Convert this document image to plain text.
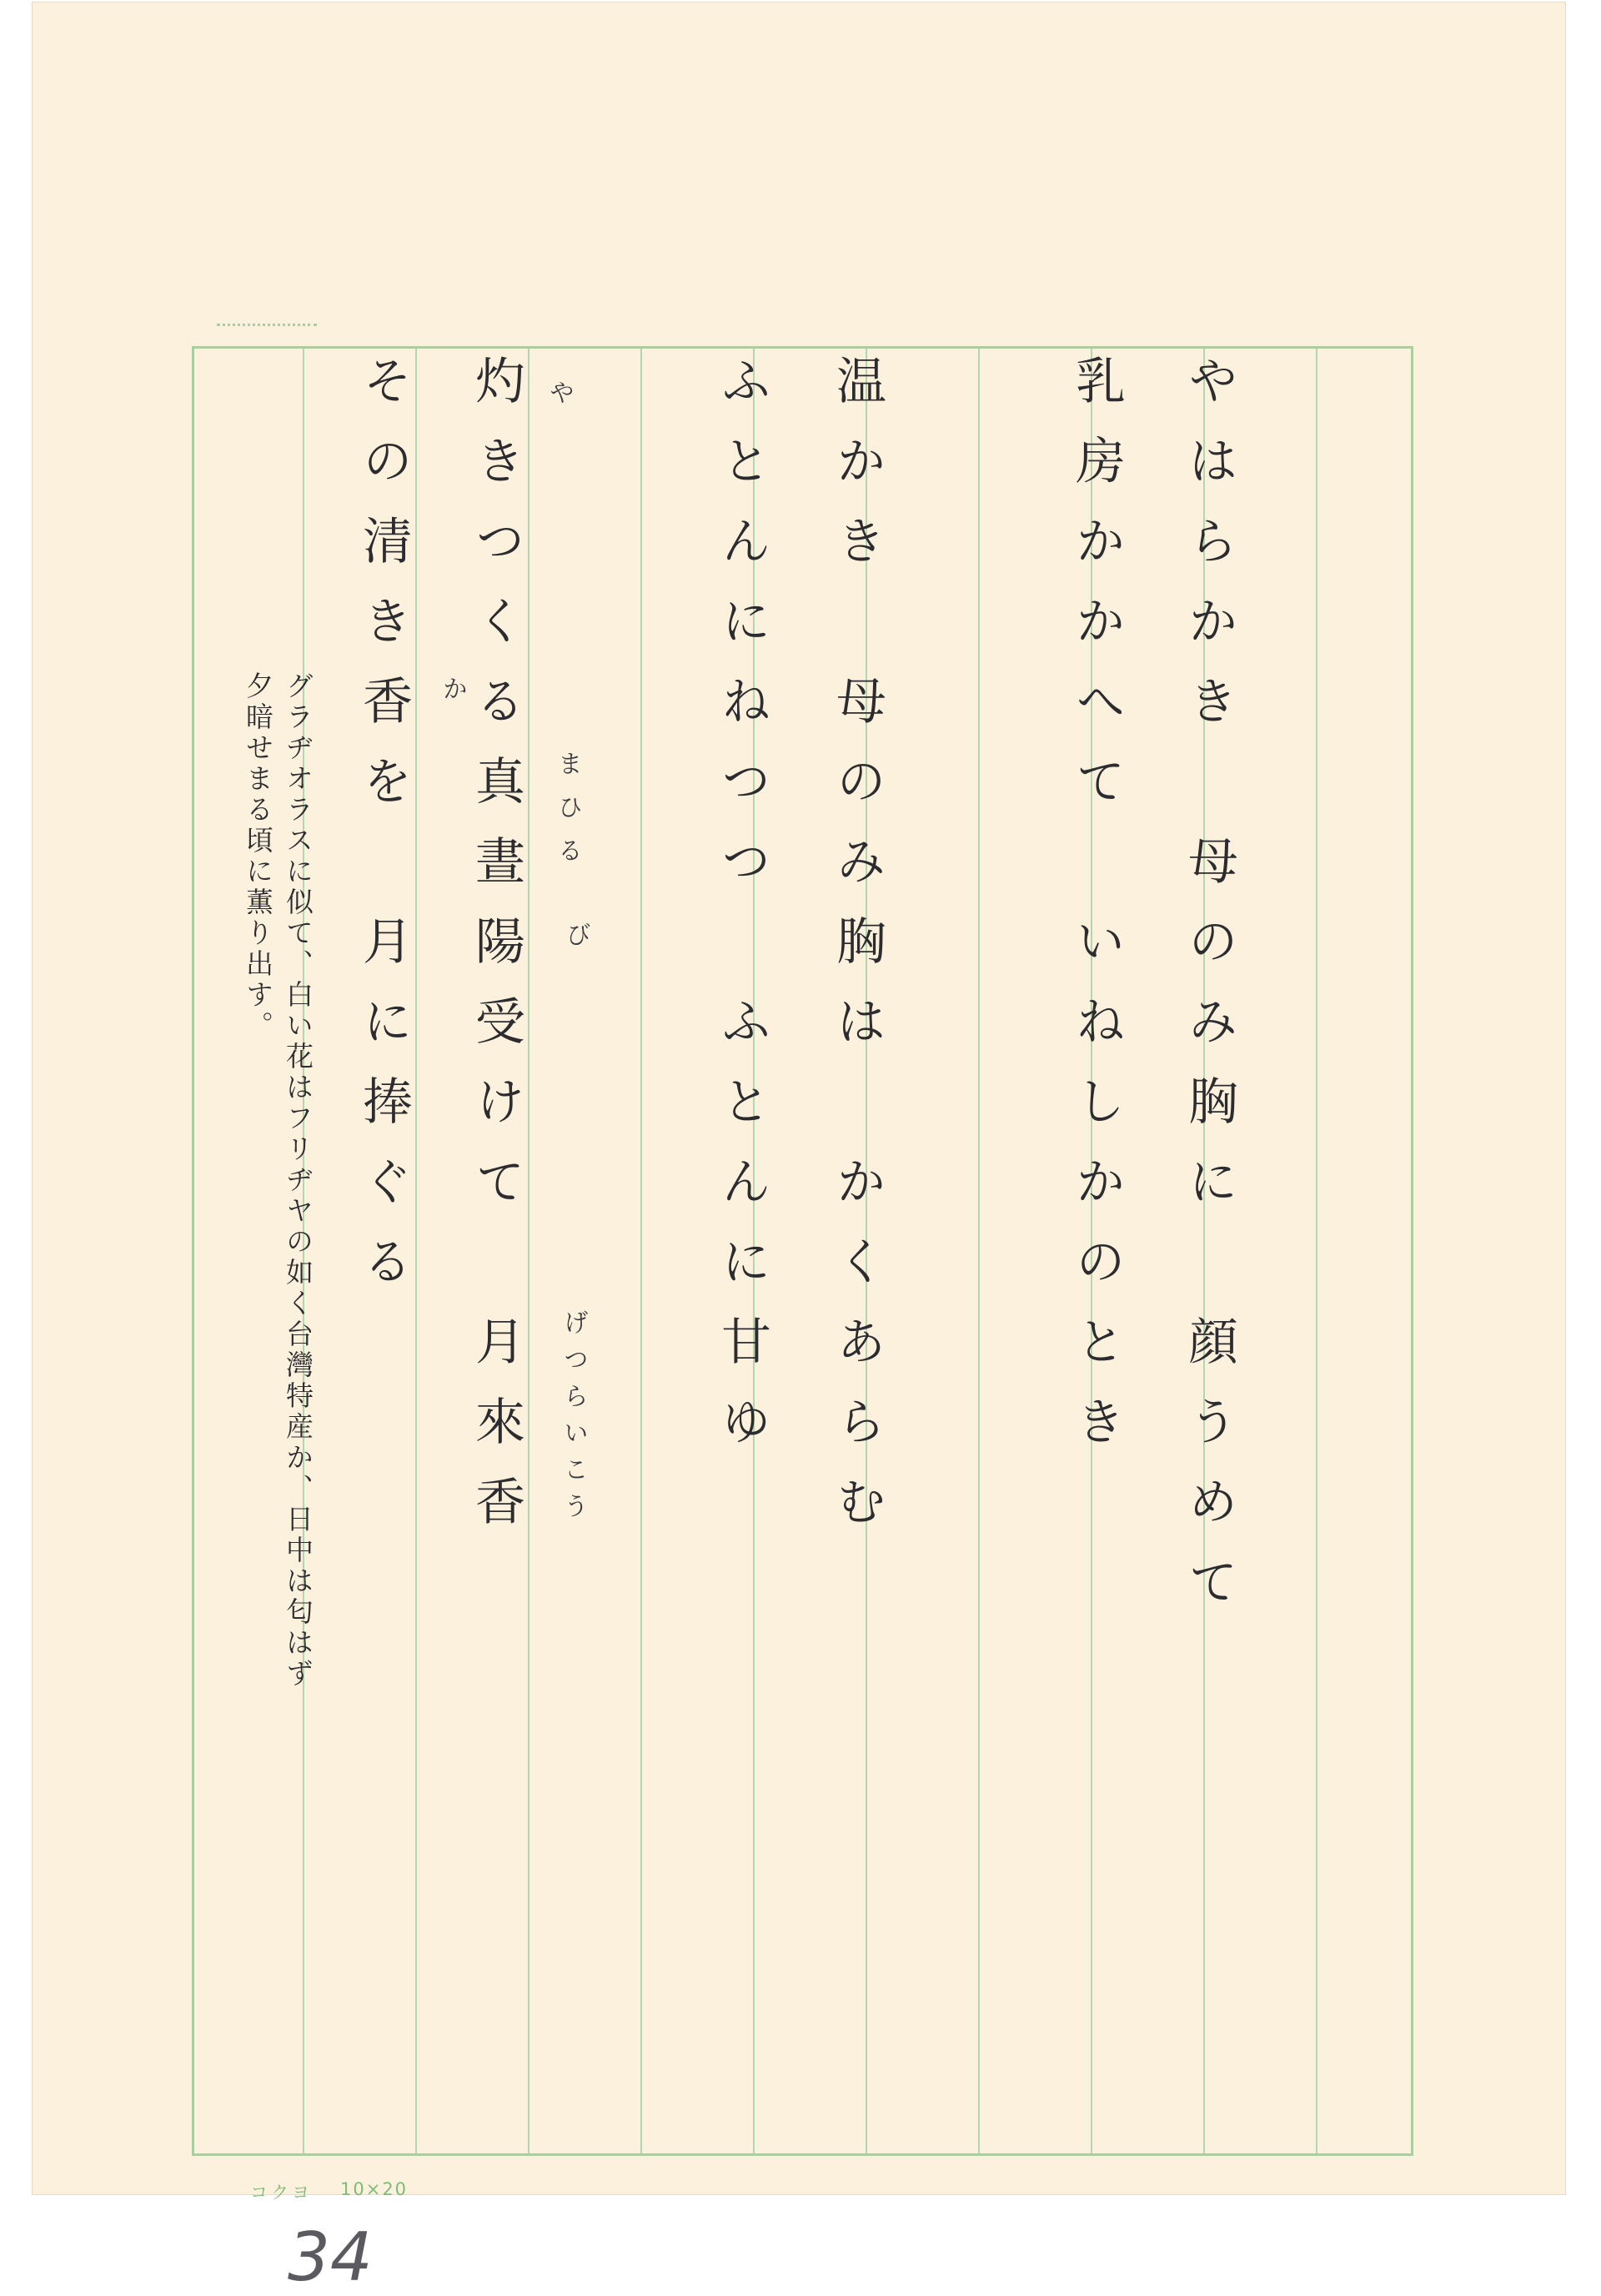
やはらかき　母のみ胸に　顔うめて
乳房かかへて　いねしかのとき
温かき　母のみ胸は　かくあらむ
ふとんにねつつ　ふとんに甘ゆ
灼きつくる真晝陽受けて　月來香
その清き香を　月に捧ぐる	や
まひる
び
げつらいこう
か
グラヂオラスに似て、白い花はフリヂヤの如く台灣特産か、日中は匂はず
夕暗せまる頃に薫り出す。
コクヨ 10×20
34
